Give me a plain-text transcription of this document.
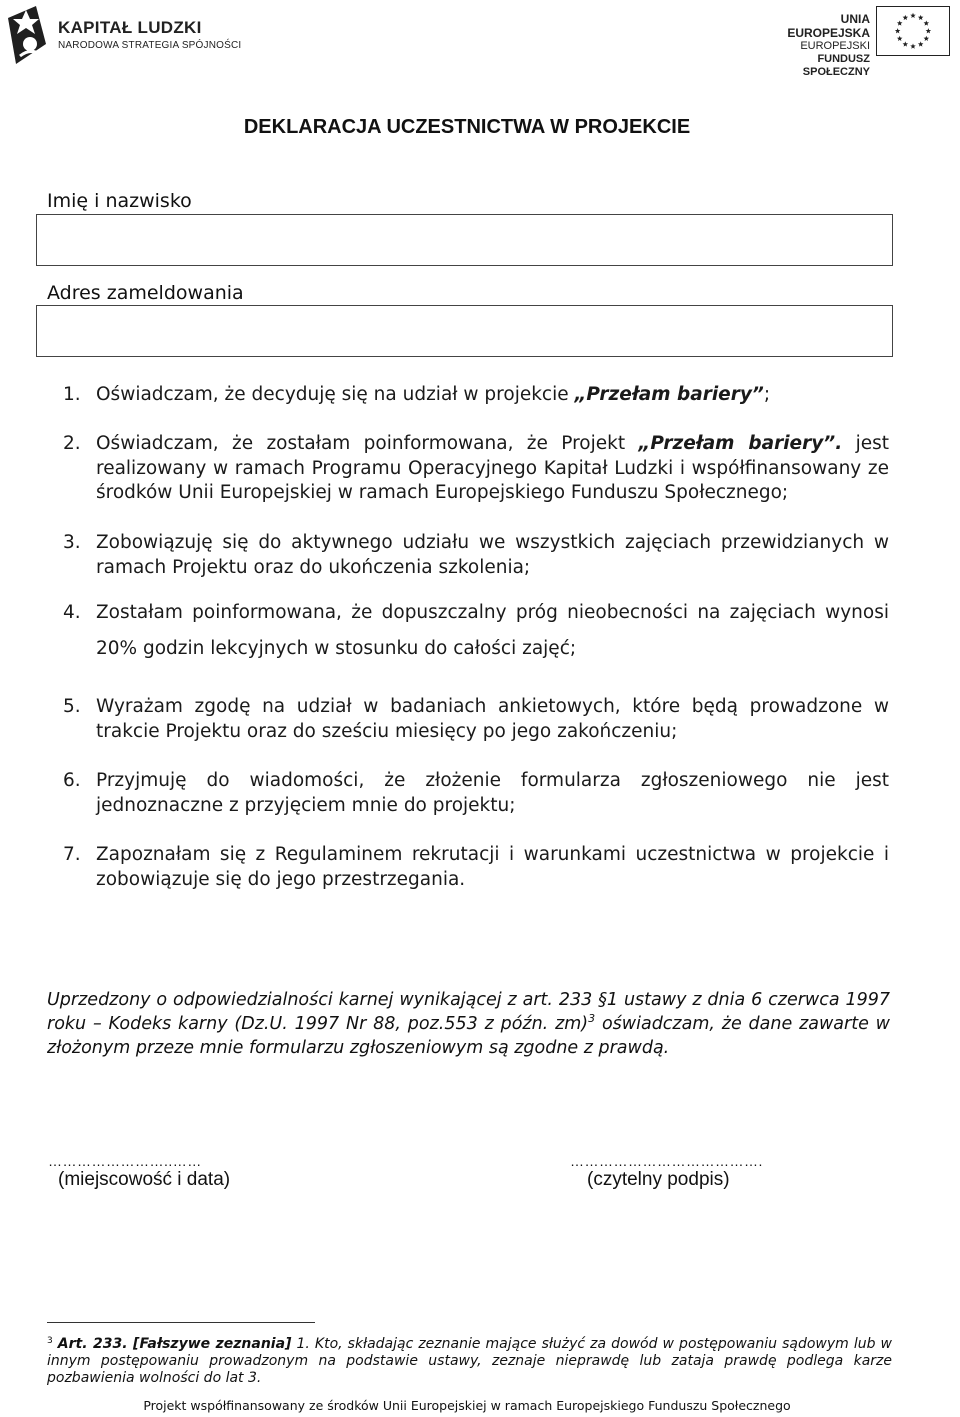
KAPITAŁ LUDZKI
NARODOWA STRATEGIA SPÓJNOŚCI
UNIA EUROPEJSKA
EUROPEJSKI
FUNDUSZ SPOŁECZNY
DEKLARACJA UCZESTNICTWA W PROJEKCIE
Imię i nazwisko
Adres zameldowania
1. Oświadczam, że decyduję się na udział w projekcie „Przełam bariery”;
2. Oświadczam, że zostałam poinformowana, że Projekt „Przełam bariery”. jest realizowany w ramach Programu Operacyjnego Kapitał Ludzki i współfinansowany ze środków Unii Europejskiej w ramach Europejskiego Funduszu Społecznego;
3. Zobowiązuję się do aktywnego udziału we wszystkich zajęciach przewidzianych w ramach Projektu oraz do ukończenia szkolenia;
4. Zostałam poinformowana, że dopuszczalny próg nieobecności na zajęciach wynosi
20% godzin lekcyjnych w stosunku do całości zajęć;
5. Wyrażam zgodę na udział w badaniach ankietowych, które będą prowadzone w trakcie Projektu oraz do sześciu miesięcy po jego zakończeniu;
6. Przyjmuję do wiadomości, że złożenie formularza zgłoszeniowego nie jest jednoznaczne z przyjęciem mnie do projektu;
7. Zapoznałam się z Regulaminem rekrutacji i warunkami uczestnictwa w projekcie i zobowiązuje się do jego przestrzegania.
Uprzedzony o odpowiedzialności karnej wynikającej z art. 233 §1 ustawy z dnia 6 czerwca 1997 roku – Kodeks karny (Dz.U. 1997 Nr 88, poz.553 z późn. zm)$^3$ oświadczam, że dane zawarte w złożonym przeze mnie formularzu zgłoszeniowym są zgodne z prawdą.
……………………..……
(miejscowość i data)
………………………………….
(czytelny podpis)
$^3$ Art. 233. [Fałszywe zeznania] 1. Kto, składając zeznanie mające służyć za dowód w postępowaniu sądowym lub w innym postępowaniu prowadzonym na podstawie ustawy, zeznaje nieprawdę lub zataja prawdę podlega karze pozbawienia wolności do lat 3.
Projekt współfinansowany ze środków Unii Europejskiej w ramach Europejskiego Funduszu Społecznego
